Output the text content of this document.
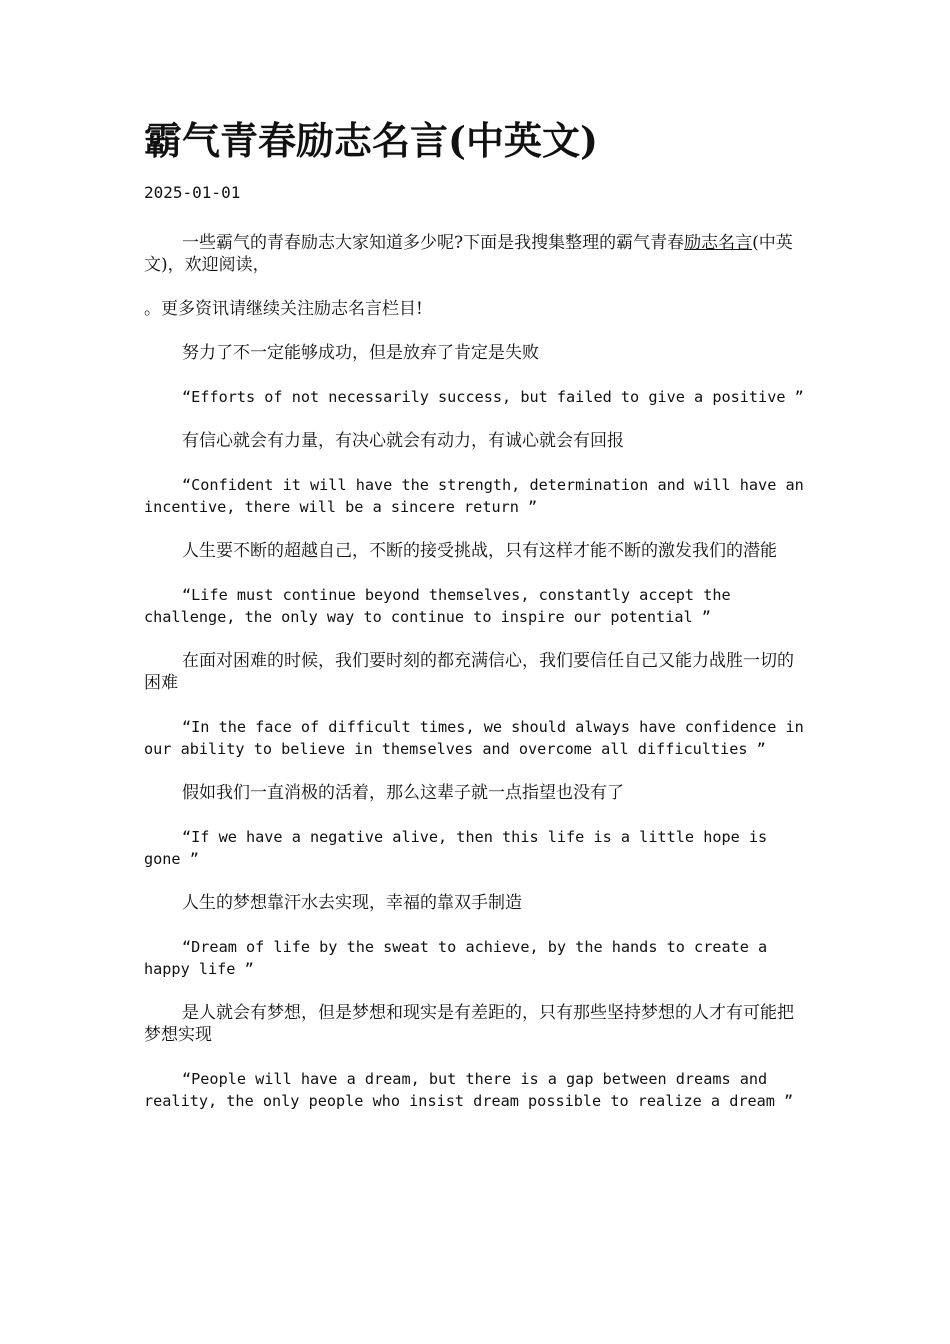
霸气青春励志名言(中英文)
2025-01-01

一些霸气的青春励志大家知道多少呢?下面是我搜集整理的霸气青春励志名言(中英文)，欢迎阅读，

。更多资讯请继续关注励志名言栏目!

努力了不一定能够成功，但是放弃了肯定是失败

“Efforts of not necessarily success, but failed to give a positive ”

有信心就会有力量，有决心就会有动力，有诚心就会有回报

“Confident it will have the strength, determination and will have an incentive, there will be a sincere return ”

人生要不断的超越自己，不断的接受挑战，只有这样才能不断的激发我们的潜能

“Life must continue beyond themselves, constantly accept the challenge, the only way to continue to inspire our potential ”

在面对困难的时候，我们要时刻的都充满信心，我们要信任自己又能力战胜一切的困难

“In the face of difficult times, we should always have confidence in our ability to believe in themselves and overcome all difficulties ”

假如我们一直消极的活着，那么这辈子就一点指望也没有了

“If we have a negative alive, then this life is a little hope is gone ”

人生的梦想靠汗水去实现，幸福的靠双手制造

“Dream of life by the sweat to achieve, by the hands to create a happy life ”

是人就会有梦想，但是梦想和现实是有差距的，只有那些坚持梦想的人才有可能把梦想实现

“People will have a dream, but there is a gap between dreams and reality, the only people who insist dream possible to realize a dream ”
